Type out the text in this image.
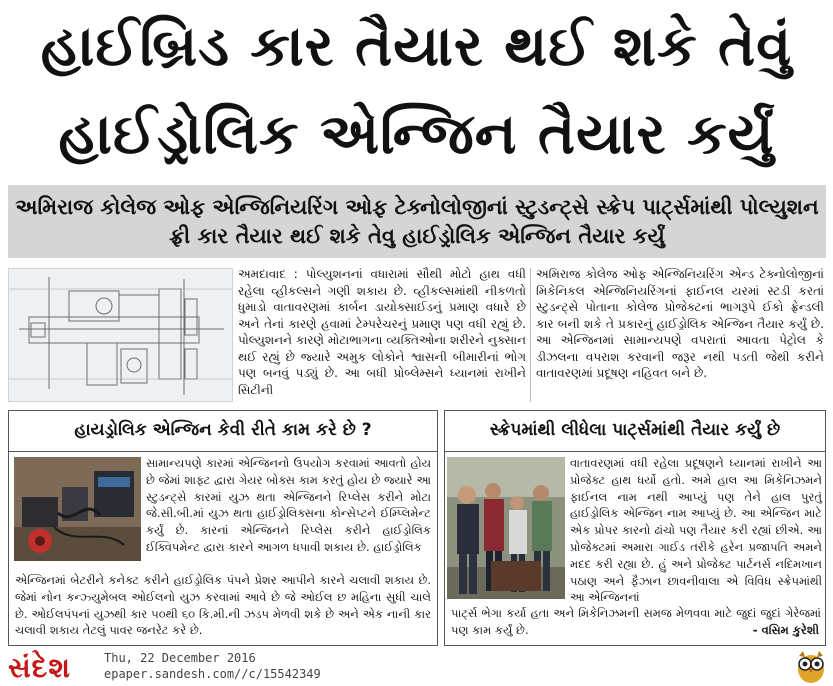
હાઈબ્રિડ કાર તૈયાર થઈ શકે તેવું
હાઈડ્રોલિક એન્જિન તૈયાર કર્યું
અમિરાજ કોલેજ ઓફ એન્જિનિયરિંગ ઓફ ટેક્નોલોજીનાં સ્ટુડન્ટ્સે સ્ક્રેપ પાર્ટ્સમાંથી પોલ્યુશન
ફ્રી કાર તૈયાર થઈ શકે તેવુ હાઈડ્રોલિક એન્જિન તૈયાર કર્યું
અમદાવાદ : પોલ્યુશનનાં વધારામાં સૌથી મોટો હાથ વધી રહેલા વ્હીકલ્સને ગણી શકાય છે. વ્હીકલ્સમાંથી નીકળતો ધુમાડો વાતાવરણમાં કાર્બન ડાયોક્સાઈડનું પ્રમાણ વધારે છે અને તેનાં કારણે હવામાં ટેમ્પરેચરનું પ્રમાણ પણ વધી રહ્યું છે. પોલ્યુશનને કારણે મોટાભાગના વ્યક્તિઓના શરીરને નુક્સાન થઈ રહ્યું છે જ્યારે અમુક લોકોને શ્વાસની બીમારીનાં ભોગ પણ બનવું પડ્યું છે. આ બધી પ્રોબ્લેમ્સને ધ્યાનમાં રાખીને સિટીની
અમિરાજ કોલેજ ઓફ એન્જિનિયરિંગ એન્ડ ટેક્નોલોજીનાં મિકેનિકલ એન્જિનિયરિંગનાં ફાઈનલ યરમાં સ્ટડી કરતાં સ્ટુડન્ટ્સે પોતાના કોલેજ પ્રોજેક્ટનાં ભાગરૂપે ઈકો ફ્રેન્ડલી કાર બની શકે તે પ્રકારનું હાઈડ્રોલિક એન્જિન તૈયાર કર્યું છે. આ એન્જિનમાં સામાન્યપણે વપરાતાં આવતા પેટ્રોલ કે ડીઝલના વપરાશ કરવાની જરૂર નથી પડતી જેથી કરીને વાતાવરણમાં પ્રદૂષણ નહિવત બને છે.
હાયડ્રોલિક એન્જિન કેવી રીતે કામ કરે છે ?
સામાન્યપણે કારમાં એન્જિનનો ઉપયોગ કરવામાં આવતો હોય છે જેમાં શાફ્ટ દ્વારા ગેયર બોક્સ કામ કરતું હોય છે જ્યારે આ સ્ટુડન્ટ્સે કારમાં યુઝ થતા એન્જિનને રિપ્લેસ કરીને મોટા જે.સી.બી.માં યુઝ થતા હાઈડ્રોલિક્સના કોન્સેપ્ટને ઈમ્પ્લિમેન્ટ કર્યું છે. કારનાં એન્જિનને રિપ્લેસ કરીને હાઈડ્રોલિક ઈક્વિપમેન્ટ દ્વારા કારને આગળ ધપાવી શકાય છે. હાઈડ્રોલિક
એન્જિનમાં બેટરીને કનેક્ટ કરીને હાઈડ્રોલિક પંપને પ્રેશર આપીને કારને ચલાવી શકાય છે. જેમાં નોન કન્ઝ્યુમેબલ ઓઈલનો યુઝ કરવામાં આવે છે જે ઓઈલ છ મહિના સુધી ચાલે છે. ઓઈલપંપનાં યુઝથી કાર ૫૦થી ૬૦ કિ.મી.ની ઝડપ મેળવી શકે છે અને એક નાની કાર ચલાવી શકાય તેટલું પાવર જનરેટ કરે છે.
સ્ક્રેપમાંથી લીધેલા પાર્ટ્સમાંથી તૈયાર કર્યું છે
વાતાવરણમાં વધી રહેલા પ્રદૂષણને ધ્યાનમાં રાખીને આ પ્રોજેક્ટ હાથ ધર્યો હતો. અમે હાલ આ મિકેનિઝમને ફાઈનલ નામ નથી આપ્યું પણ તેને હાલ પુરતું હાઈડ્રોલિક એન્જિન નામ આપ્યું છે. આ એન્જિન માટે એક પ્રોપર કારનો ઢાંચો પણ તૈયાર કરી રહ્યાં છીએ. આ પ્રોજેક્ટમાં અમારા ગાઈડ તરીકે હરેન પ્રજાપતિ અમને મદદ કરી રહ્યા છે. હું અને પ્રોજેક્ટ પાર્ટનર્સ નદિમખાન પઠાણ અને ફૈઝાન છાવનીવાલા એ વિવિધ સ્ક્રેપમાંથી આ એન્જિનનાં
પાર્ટ્સ ભેગા કર્યા હતા અને મિકેનિઝમની સમજ મેળવવા માટે જુદાં જુદાં ગેરેજમાં પણ કામ કર્યું છે.	- વસિમ કુરેશી
સંદેશ	Thu, 22 December 2016
epaper.sandesh.com//c/15542349
